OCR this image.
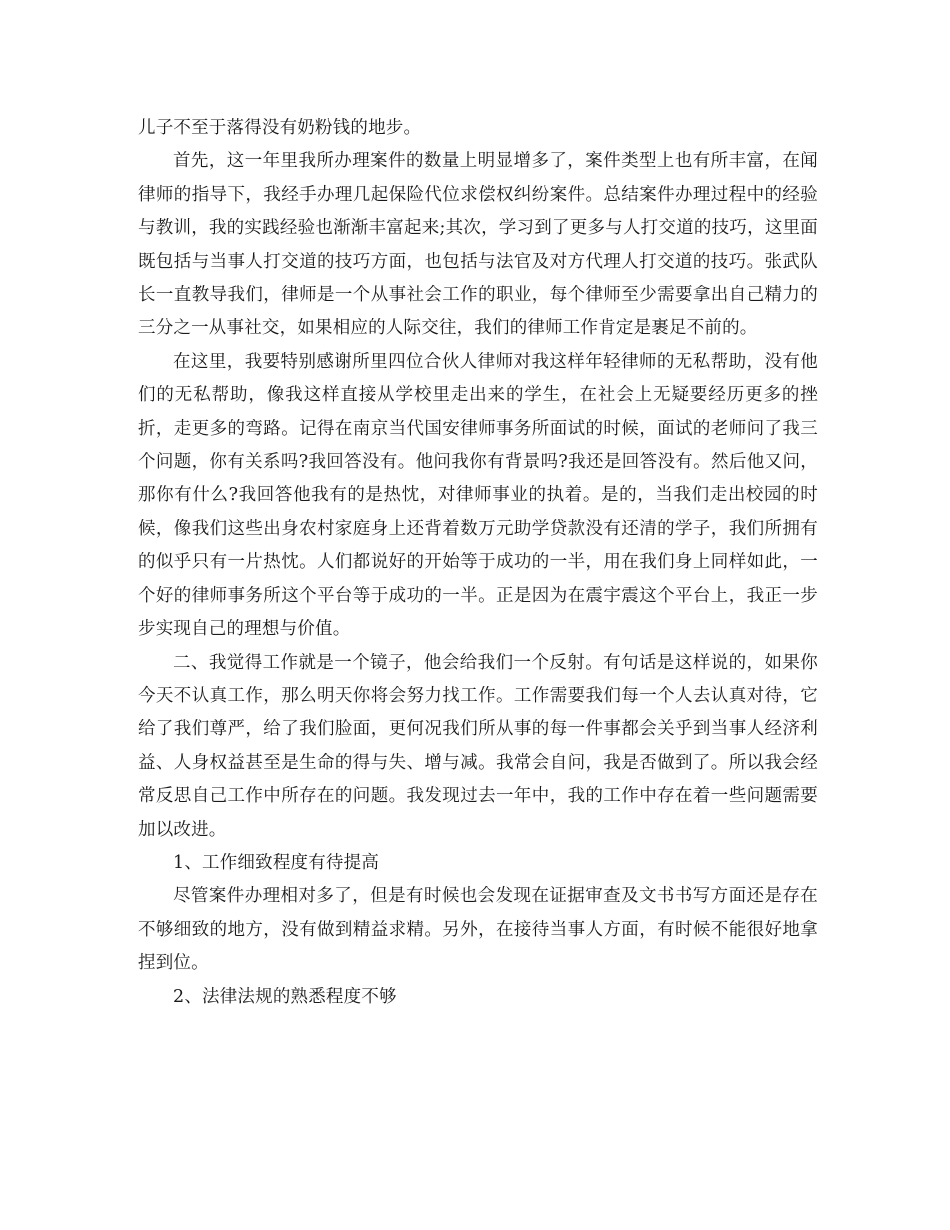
儿子不至于落得没有奶粉钱的地步。

首先，这一年里我所办理案件的数量上明显增多了，案件类型上也有所丰富，在闻律师的指导下，我经手办理几起保险代位求偿权纠纷案件。总结案件办理过程中的经验与教训，我的实践经验也渐渐丰富起来;其次，学习到了更多与人打交道的技巧，这里面既包括与当事人打交道的技巧方面，也包括与法官及对方代理人打交道的技巧。张武队长一直教导我们，律师是一个从事社会工作的职业，每个律师至少需要拿出自己精力的三分之一从事社交，如果相应的人际交往，我们的律师工作肯定是裹足不前的。

在这里，我要特别感谢所里四位合伙人律师对我这样年轻律师的无私帮助，没有他们的无私帮助，像我这样直接从学校里走出来的学生，在社会上无疑要经历更多的挫折，走更多的弯路。记得在南京当代国安律师事务所面试的时候，面试的老师问了我三个问题，你有关系吗?我回答没有。他问我你有背景吗?我还是回答没有。然后他又问，那你有什么?我回答他我有的是热忱，对律师事业的执着。是的，当我们走出校园的时候，像我们这些出身农村家庭身上还背着数万元助学贷款没有还清的学子，我们所拥有的似乎只有一片热忱。人们都说好的开始等于成功的一半，用在我们身上同样如此，一个好的律师事务所这个平台等于成功的一半。正是因为在震宇震这个平台上，我正一步步实现自己的理想与价值。

二、我觉得工作就是一个镜子，他会给我们一个反射。有句话是这样说的，如果你今天不认真工作，那么明天你将会努力找工作。工作需要我们每一个人去认真对待，它给了我们尊严，给了我们脸面，更何况我们所从事的每一件事都会关乎到当事人经济利益、人身权益甚至是生命的得与失、增与减。我常会自问，我是否做到了。所以我会经常反思自己工作中所存在的问题。我发现过去一年中，我的工作中存在着一些问题需要加以改进。

1、工作细致程度有待提高

尽管案件办理相对多了，但是有时候也会发现在证据审查及文书书写方面还是存在不够细致的地方，没有做到精益求精。另外，在接待当事人方面，有时候不能很好地拿捏到位。

2、法律法规的熟悉程度不够
